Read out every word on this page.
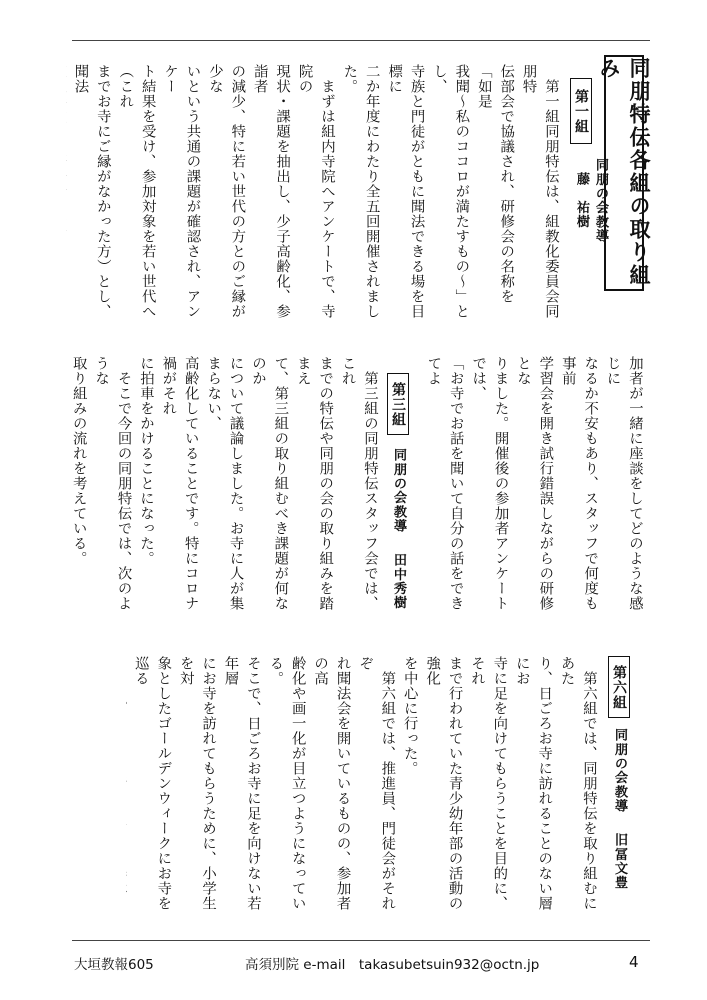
同朋特伝各組の取り組み

第一組

同朋の会教導 藤　祐樹

　第一組同朋特伝は、組教化委員会同朋特
伝部会で協議され、研修会の名称を「如是
我聞～私のココロが満たすもの～」とし、
寺族と門徒がともに聞法できる場を目標に
二か年度にわたり全五回開催されました。
　まずは組内寺院へアンケートで、寺院の
現状・課題を抽出し、少子高齢化、参詣者
の減少、特に若い世代の方とのご縁が少な
いという共通の課題が確認され、アンケー
ト結果を受け、参加対象を若い世代へ（これ
までお寺にご縁がなかった方）とし、聞法

加者が一緒に座談をしてどのような感じに
なるか不安もあり、スタッフで何度も事前
学習会を開き試行錯誤しながらの研修とな
りました。開催後の参加者アンケートでは、
「お寺でお話を聞いて自分の話をできてよ

第三組

同朋の会教導 田中秀樹

　第三組の同朋特伝スタッフ会では、これ
までの特伝や同朋の会の取り組みを踏まえ
て、第三組の取り組むべき課題が何なのか
について議論しました。お寺に人が集まらない、
高齢化していることです。特にコロナ禍がそれ
に拍車をかけることになった。
　そこで今回の同朋特伝では、次のような
取り組みの流れを考えている。

第六組

同朋の会教導 旧冨文豊

　第六組では、同朋特伝を取り組むにあた
り、日ごろお寺に訪れることのない層にお
寺に足を向けてもらうことを目的に、それ
まで行われていた青少幼年部の活動の強化
を中心に行った。
　第六組では、推進員、門徒会がそれぞ
れ聞法会を開いているものの、参加者の高
齢化や画一化が目立つようになっている。
そこで、日ごろお寺に足を向けない若年層
にお寺を訪れてもらうために、小学生を対
象としたゴールデンウィークにお寺を巡る

大垣教報605	高須別院 e-mail　takasubetsuin932@octn.jp	4
